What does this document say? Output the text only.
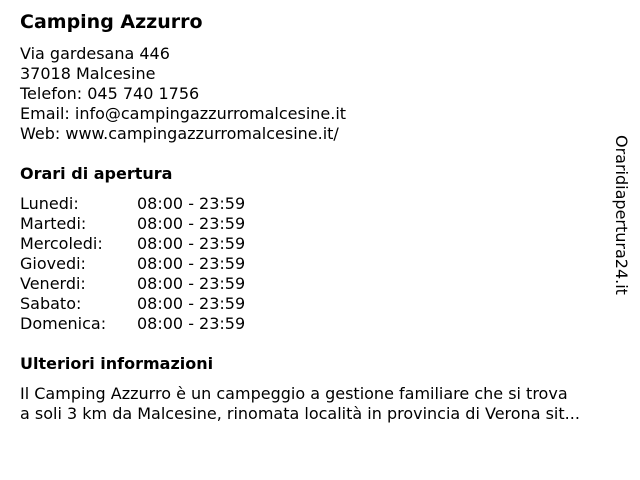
Camping Azzurro
Via gardesana 446
37018 Malcesine
Telefon: 045 740 1756
Email: info@campingazzurromalcesine.it
Web: www.campingazzurromalcesine.it/
Orari di apertura
Lunedi:	08:00 - 23:59
Martedi:	08:00 - 23:59
Mercoledi:	08:00 - 23:59
Giovedi:	08:00 - 23:59
Venerdi:	08:00 - 23:59
Sabato:	08:00 - 23:59
Domenica:	08:00 - 23:59
Ulteriori informazioni
Il Camping Azzurro è un campeggio a gestione familiare che si trova
a soli 3 km da Malcesine, rinomata località in provincia di Verona sit...
Oraridiapertura24.it
